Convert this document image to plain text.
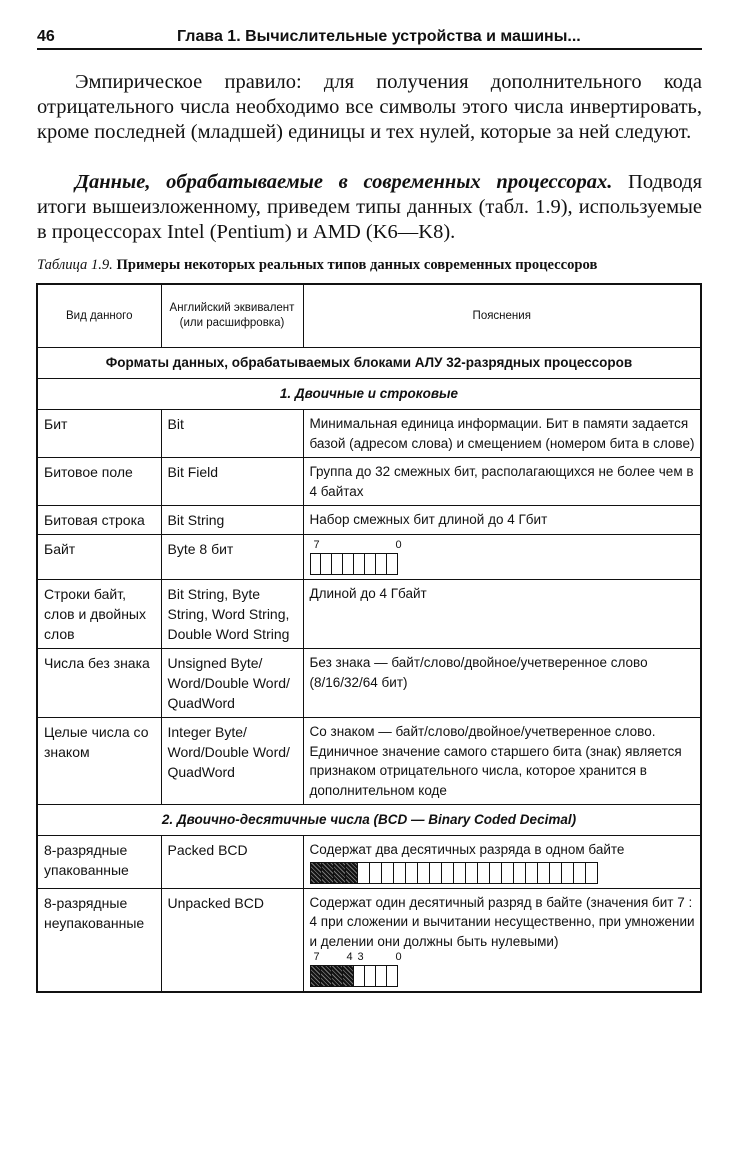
46	Глава 1. Вычислительные устройства и машины...
Эмпирическое правило: для получения дополнительного кода отрицательного числа необходимо все символы этого числа инвертировать, кроме последней (младшей) единицы и тех нулей, которые за ней следуют.
Данные, обрабатываемые в современных процессорах. Подводя итоги вышеизложенному, приведем типы данных (табл. 1.9), используемые в процессорах Intel (Pentium) и AMD (K6—K8).
Таблица 1.9. Примеры некоторых реальных типов данных современных процессоров
Вид данного	Английский эквивалент (или расшифровка)	Пояснения
Форматы данных, обрабатываемых блоками АЛУ 32-разрядных процессоров		
1. Двоичные и строковые		
Бит	Bit	Минимальная единица информации. Бит в памяти задается базой (адресом слова) и смещением (номером бита в слове)
Битовое поле	Bit Field	Группа до 32 смежных бит, располагающихся не более чем в 4 байтах
Битовая строка	Bit String	Набор смежных бит длиной до 4 Гбит
Байт	Byte 8 бит	7 0

Строки байт, слов и двойных слов	Bit String, Byte String, Word String, Double Word String	Длиной до 4 Гбайт
Числа без знака	Unsigned Byte/ Word/Double Word/ QuadWord	Без знака — байт/слово/двойное/учетверенное слово (8/16/32/64 бит)
Целые числа со знаком	Integer Byte/ Word/Double Word/ QuadWord	Со знаком — байт/слово/двойное/учетверенное слово. Единичное значение самого старшего бита (знак) является признаком отрицательного числа, которое хранится в дополнительном коде
2. Двоично-десятичные числа (BCD — Binary Coded Decimal)		
8-разрядные упакованные	Packed BCD	Содержат два десятичных разряда в одном байте

8-разрядные неупакованные	Unpacked BCD	Содержат один десятичный разряд в байте (значения бит 7 : 4 при сложении и вычитании несущественно, при умножении и делении они должны быть нулевыми)
7 4 3 0
